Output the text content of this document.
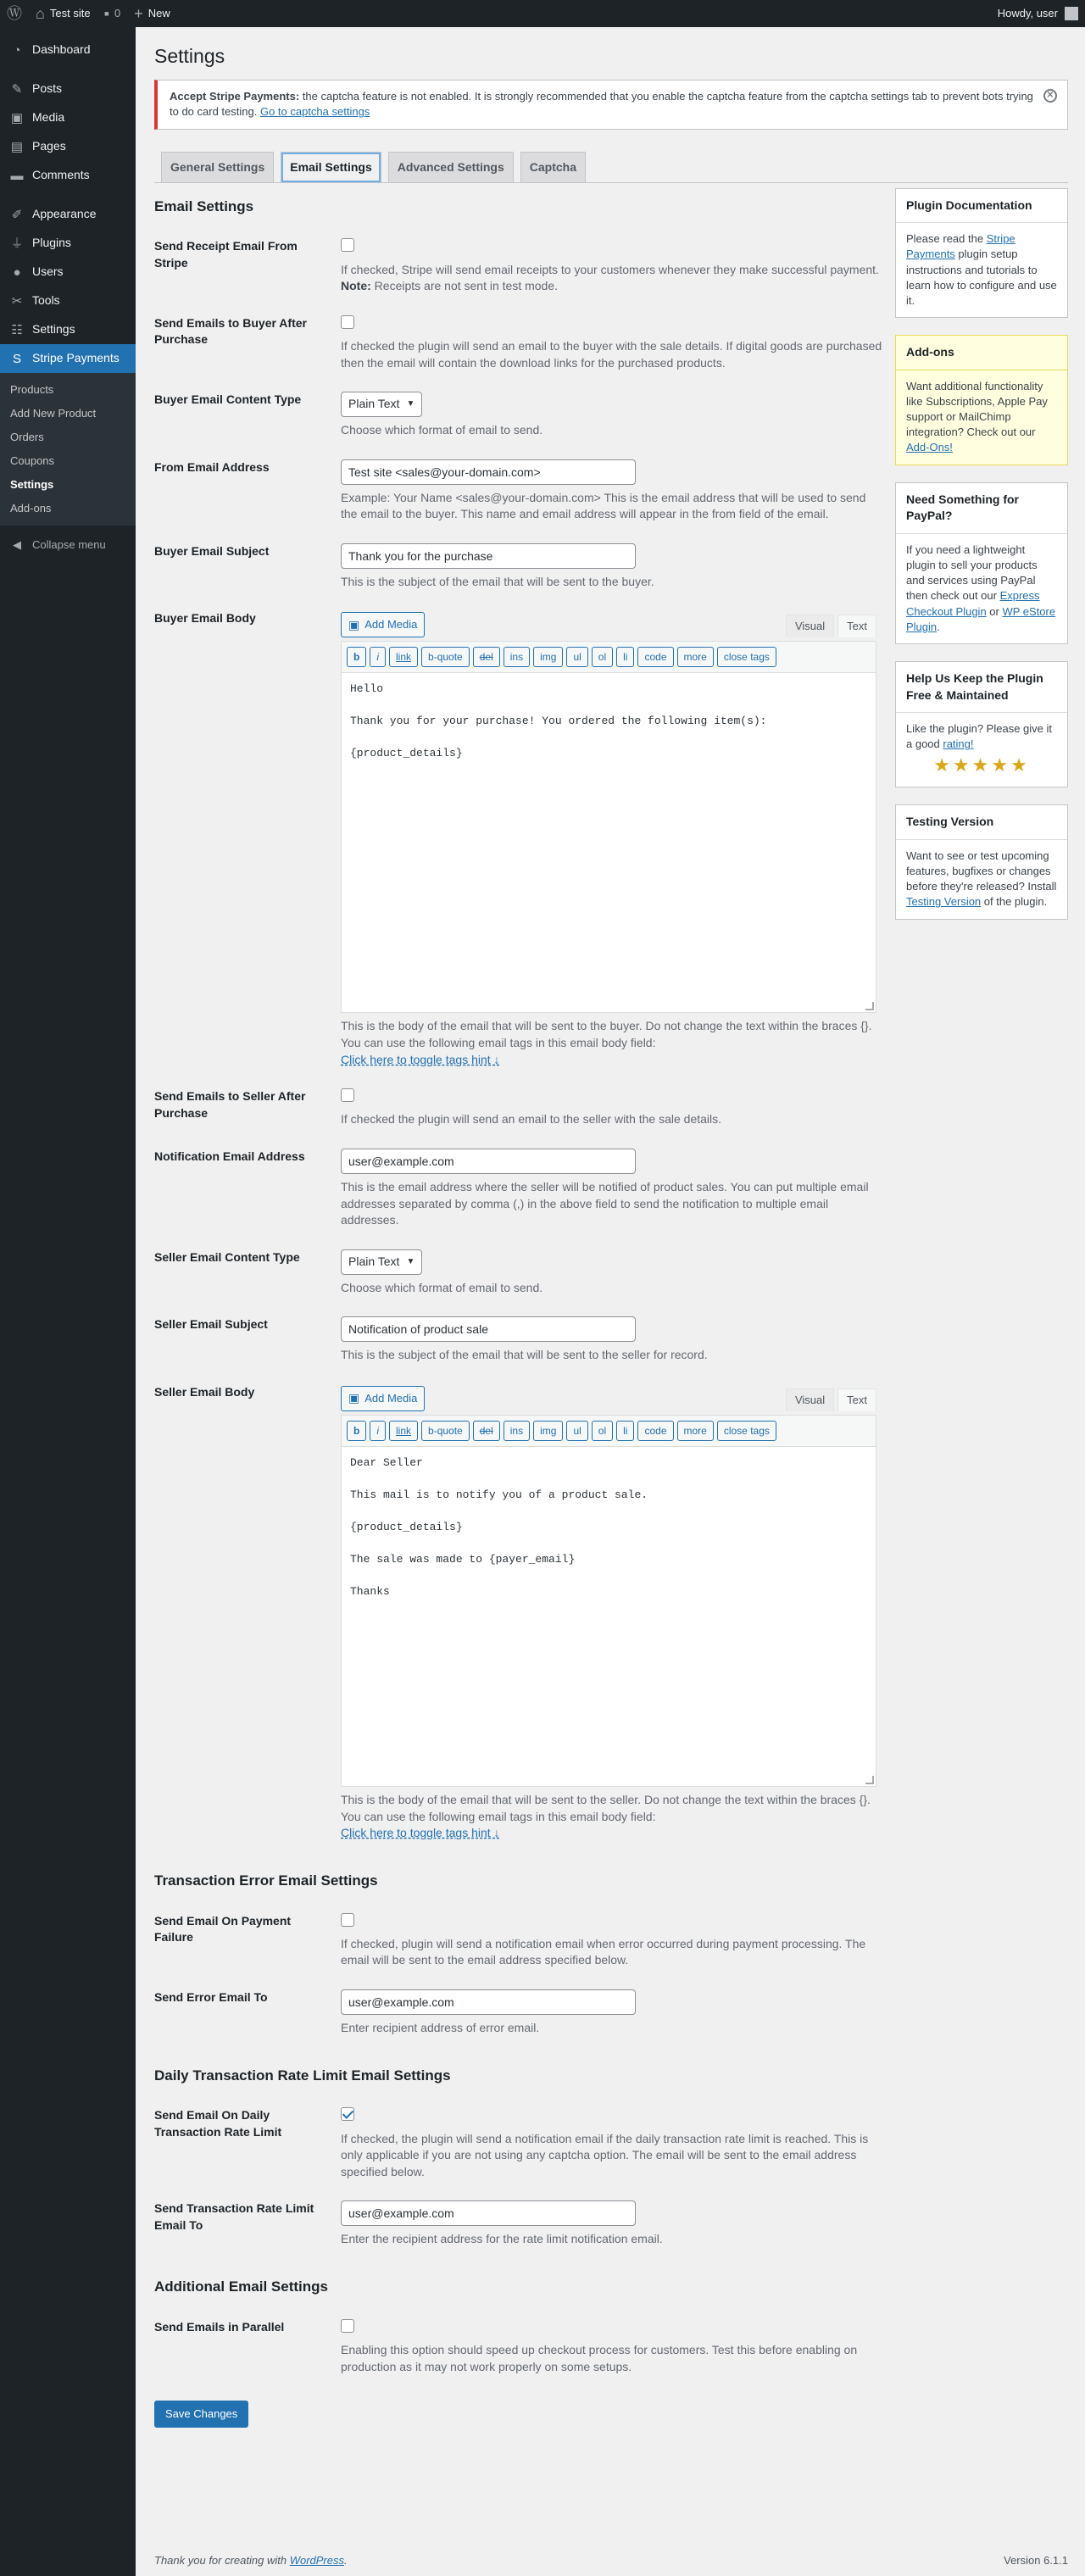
Ⓦ ⌂ Test site ▪ 0 + New	Howdy, user
◔ Dashboard
✎ Posts
▣ Media
▤ Pages
▬ Comments
✐ Appearance
⏚ Plugins
● Users
✂ Tools
☷ Settings
S Stripe Payments
Products
Add New Product
Orders
Coupons
Settings
Add-ons
◀	Collapse menu
Settings
Accept Stripe Payments: the captcha feature is not enabled. It is strongly recommended that you enable the captcha feature from the captcha settings tab to prevent bots trying to do card testing. Go to captcha settings
✕
General Settings	Email Settings	Advanced Settings	Captcha
Email Settings
Send Receipt Email From Stripe	If checked, Stripe will send email receipts to your customers whenever they make successful payment.
Note: Receipts are not sent in test mode.
Send Emails to Buyer After Purchase	If checked the plugin will send an email to the buyer with the sale details. If digital goods are purchased then the email will contain the download links for the purchased products.
Buyer Email Content Type	Plain Text ▼
Choose which format of email to send.
From Email Address
Test site <sales@your-domain.com>
Example: Your Name <sales@your-domain.com> This is the email address that will be used to send the email to the buyer. This name and email address will appear in the from field of the email.
Buyer Email Subject
Thank you for the purchase
This is the subject of the email that will be sent to the buyer.
Buyer Email Body	▣ Add Media	Visual	Text
b	i	link	b-quote	del	ins	img	ul	ol	li	code	more	close tags
Hello
Thank you for your purchase! You ordered the following item(s):
{product_details}
This is the body of the email that will be sent to the buyer. Do not change the text within the braces {}. You can use the following email tags in this email body field:
Click here to toggle tags hint ↓
Send Emails to Seller After Purchase	If checked the plugin will send an email to the seller with the sale details.
Notification Email Address
user@example.com
This is the email address where the seller will be notified of product sales. You can put multiple email addresses separated by comma (,) in the above field to send the notification to multiple email addresses.
Seller Email Content Type	Plain Text ▼
Choose which format of email to send.
Seller Email Subject
Notification of product sale
This is the subject of the email that will be sent to the seller for record.
Seller Email Body	▣ Add Media	Visual	Text
b	i	link	b-quote	del	ins	img	ul	ol	li	code	more	close tags
Dear Seller
This mail is to notify you of a product sale.
{product_details}
The sale was made to {payer_email}
Thanks
This is the body of the email that will be sent to the seller. Do not change the text within the braces {}. You can use the following email tags in this email body field:
Click here to toggle tags hint ↓
Transaction Error Email Settings
Send Email On Payment Failure	If checked, plugin will send a notification email when error occurred during payment processing. The email will be sent to the email address specified below.
Send Error Email To
user@example.com
Enter recipient address of error email.
Daily Transaction Rate Limit Email Settings
Send Email On Daily Transaction Rate Limit	If checked, the plugin will send a notification email if the daily transaction rate limit is reached. This is only applicable if you are not using any captcha option. The email will be sent to the email address specified below.
Send Transaction Rate Limit Email To
user@example.com
Enter the recipient address for the rate limit notification email.
Additional Email Settings
Send Emails in Parallel
Enabling this option should speed up checkout process for customers. Test this before enabling on production as it may not work properly on some setups.
Save Changes
Plugin Documentation
Please read the Stripe Payments plugin setup instructions and tutorials to learn how to configure and use it.
Add-ons
Want additional functionality like Subscriptions, Apple Pay support or MailChimp integration? Check out our Add-Ons!
Need Something for PayPal?
If you need a lightweight plugin to sell your products and services using PayPal then check out our Express Checkout Plugin or WP eStore Plugin.
Help Us Keep the Plugin Free & Maintained
Like the plugin? Please give it a good rating!
★★★★★
Testing Version
Want to see or test upcoming features, bugfixes or changes before they're released? Install Testing Version of the plugin.
Thank you for creating with WordPress.	Version 6.1.1
